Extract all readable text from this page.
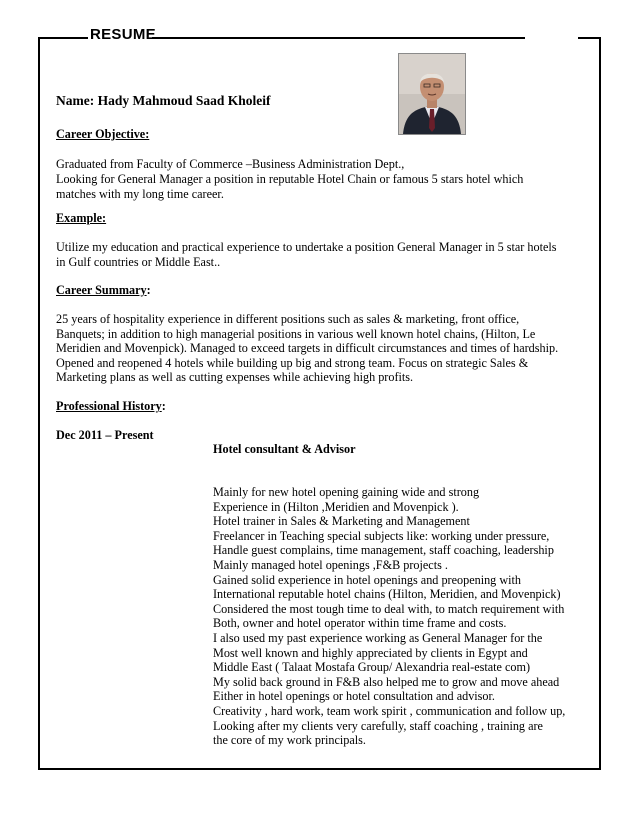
RESUME
Name: Hady Mahmoud Saad Kholeif
Career Objective:
Graduated from Faculty of Commerce –Business Administration Dept.,
Looking for General Manager a position in reputable Hotel Chain or famous 5 stars hotel which
matches with my long time career.
Example:
Utilize my education and practical experience to undertake a position General Manager in 5 star hotels
in Gulf countries or Middle East..
Career Summary:
25 years of hospitality experience in different positions such as sales & marketing, front office,
Banquets; in addition to high managerial positions in various well known hotel chains, (Hilton, Le
Meridien and Movenpick). Managed to exceed targets in difficult circumstances and times of hardship.
Opened and reopened 4 hotels while building up big and strong team. Focus on strategic Sales &
Marketing plans as well as cutting expenses while achieving high profits.
Professional History:
Dec 2011 – Present
Hotel consultant & Advisor
Mainly for new hotel opening gaining wide and strong
Experience in (Hilton ,Meridien and Movenpick ).
Hotel trainer in Sales & Marketing and Management
Freelancer in Teaching special subjects like: working under pressure,
Handle guest complains, time management, staff coaching, leadership
Mainly managed hotel openings ,F&B projects .
Gained solid experience in hotel openings and preopening with
International reputable hotel chains (Hilton, Meridien, and Movenpick)
Considered the most tough time to deal with, to match requirement with
Both, owner and hotel operator within time frame and costs.
I also used my past experience working as General Manager for the
Most well known and highly appreciated by clients in Egypt and
Middle East ( Talaat Mostafa Group/ Alexandria real-estate com)
My solid back ground in F&B also helped me to grow and move ahead
Either in hotel openings or hotel consultation and advisor.
Creativity , hard work, team work spirit , communication and follow up,
Looking after my clients very carefully, staff coaching , training are
the core of my work principals.
